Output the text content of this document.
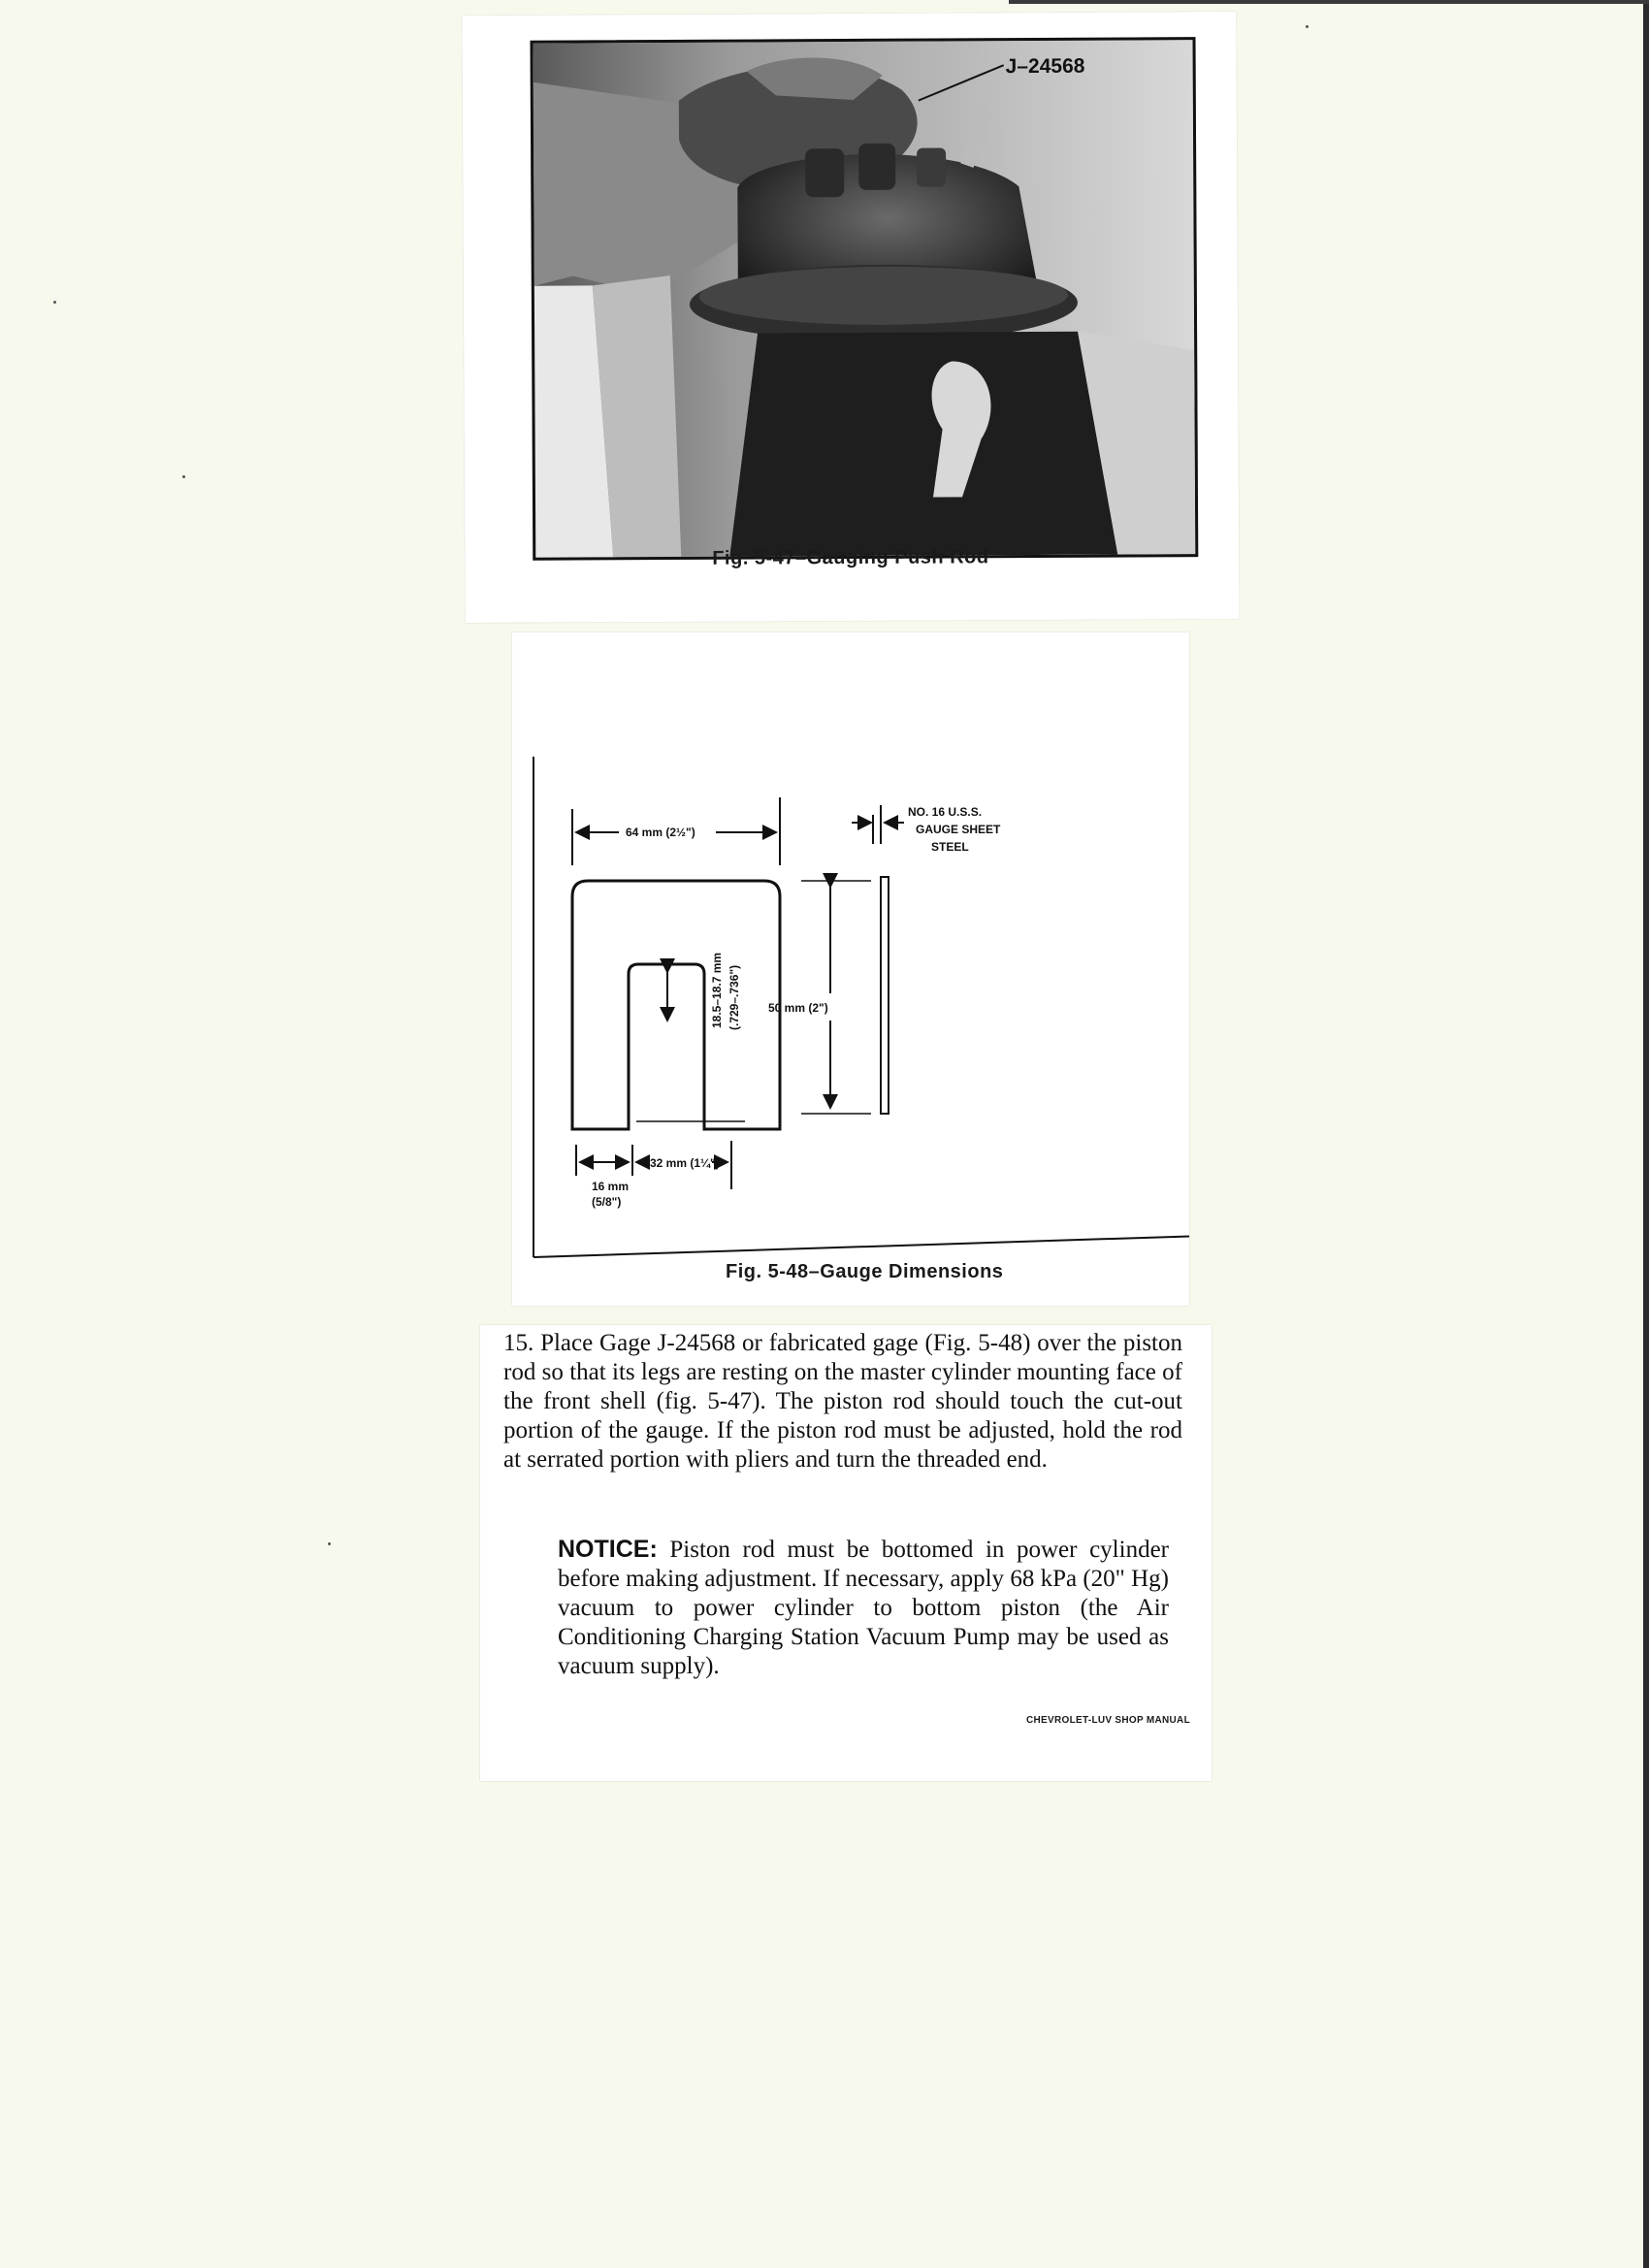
J–24568
Fig. 5-47–Gauging Push Rod
64 mm (2½")
NO. 16 U.S.S.
GAUGE SHEET
STEEL
18.5–18.7 mm (.729–.736") 50 mm (2")
16 mm
(5/8")
32 mm (1¼")
Fig. 5-48–Gauge Dimensions
15. Place Gage J-24568 or fabricated gage (Fig. 5-48) over the piston rod so that its legs are resting on the master cylinder mounting face of the front shell (fig. 5-47). The piston rod should touch the cut-out portion of the gauge. If the piston rod must be adjusted, hold the rod at serrated portion with pliers and turn the threaded end.
NOTICE: Piston rod must be bottomed in power cylinder before making adjustment. If necessary, apply 68 kPa (20" Hg) vacuum to power cylinder to bottom piston (the Air Conditioning Charging Station Vacuum Pump may be used as vacuum supply).
CHEVROLET-LUV SHOP MANUAL
